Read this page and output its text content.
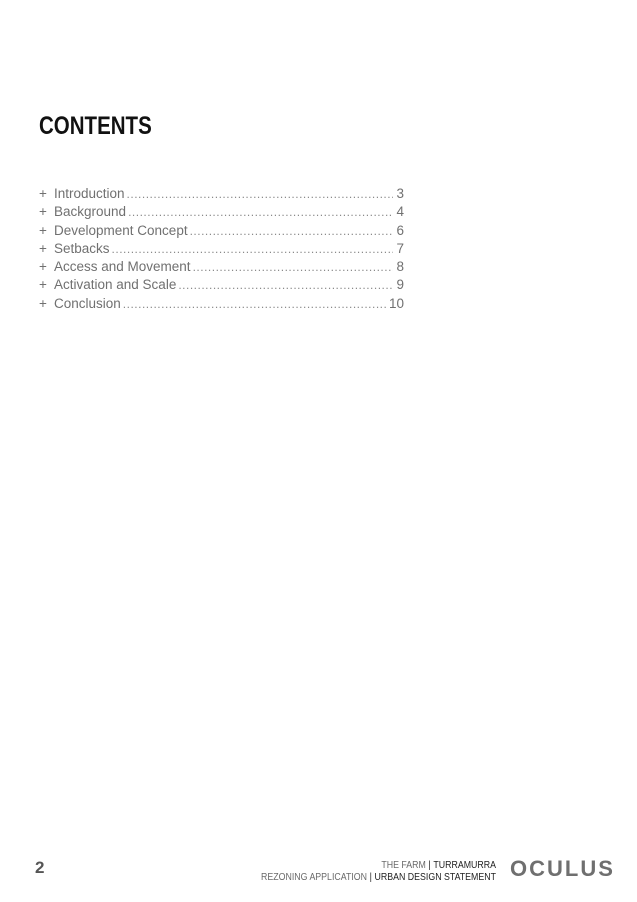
CONTENTS
+ Introduction .....	3
+ Background .....	4
+ Development Concept .....	6
+ Setbacks .....	7
+ Access and Movement .....	8
+ Activation and Scale .....	9
+ Conclusion .....	10
2	THE FARM | TURRAMURRA
REZONING APPLICATION | URBAN DESIGN STATEMENT OCULUS
